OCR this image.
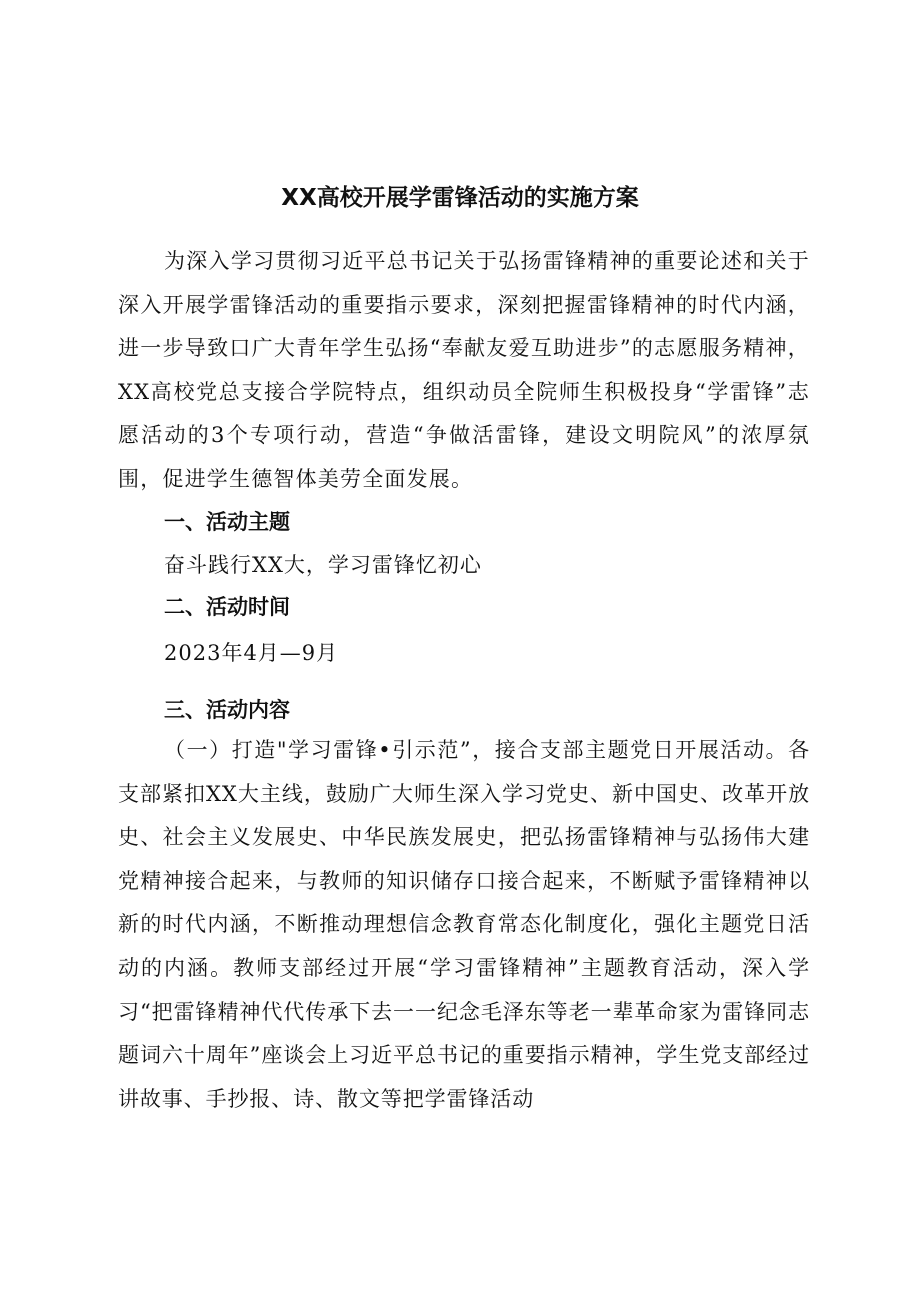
XX高校开展学雷锋活动的实施方案

为深入学习贯彻习近平总书记关于弘扬雷锋精神的重要论述和关于深入开展学雷锋活动的重要指示要求，深刻把握雷锋精神的时代内涵，进一步导致口广大青年学生弘扬“奉献友爱互助进步”的志愿服务精神，XX高校党总支接合学院特点，组织动员全院师生积极投身“学雷锋”志愿活动的3个专项行动，营造“争做活雷锋，建设文明院风”的浓厚氛围，促进学生德智体美劳全面发展。

一、活动主题

奋斗践行XX大，学习雷锋忆初心

二、活动时间

2023年4月—9月

三、活动内容

（一）打造"学习雷锋•引示范”，接合支部主题党日开展活动。各支部紧扣XX大主线，鼓励广大师生深入学习党史、新中国史、改革开放史、社会主义发展史、中华民族发展史，把弘扬雷锋精神与弘扬伟大建党精神接合起来，与教师的知识储存口接合起来，不断赋予雷锋精神以新的时代内涵，不断推动理想信念教育常态化制度化，强化主题党日活动的内涵。教师支部经过开展“学习雷锋精神”主题教育活动，深入学习“把雷锋精神代代传承下去一一纪念毛泽东等老一辈革命家为雷锋同志题词六十周年”座谈会上习近平总书记的重要指示精神，学生党支部经过讲故事、手抄报、诗、散文等把学雷锋活动
